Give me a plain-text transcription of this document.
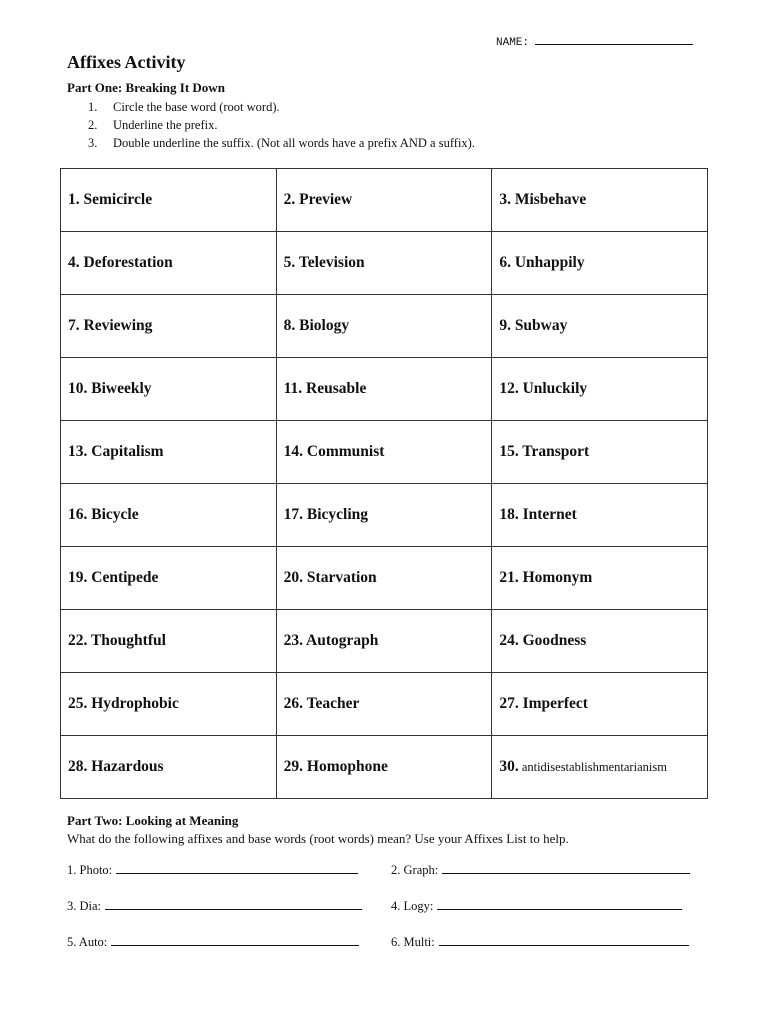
NAME:
Affixes Activity
Part One: Breaking It Down
1. Circle the base word (root word).
2. Underline the prefix.
3. Double underline the suffix. (Not all words have a prefix AND a suffix).
1. Semicircle	2. Preview	3. Misbehave
4. Deforestation	5. Television	6. Unhappily
7. Reviewing	8. Biology	9. Subway
10. Biweekly	11. Reusable	12. Unluckily
13. Capitalism	14. Communist	15. Transport
16. Bicycle	17. Bicycling	18. Internet
19. Centipede	20. Starvation	21. Homonym
22. Thoughtful	23. Autograph	24. Goodness
25. Hydrophobic	26. Teacher	27. Imperfect
28. Hazardous	29. Homophone	30. antidisestablishmentarianism
Part Two: Looking at Meaning
What do the following affixes and base words (root words) mean? Use your Affixes List to help.
1. Photo:	2. Graph:
3. Dia:	4. Logy:
5. Auto:	6. Multi:
